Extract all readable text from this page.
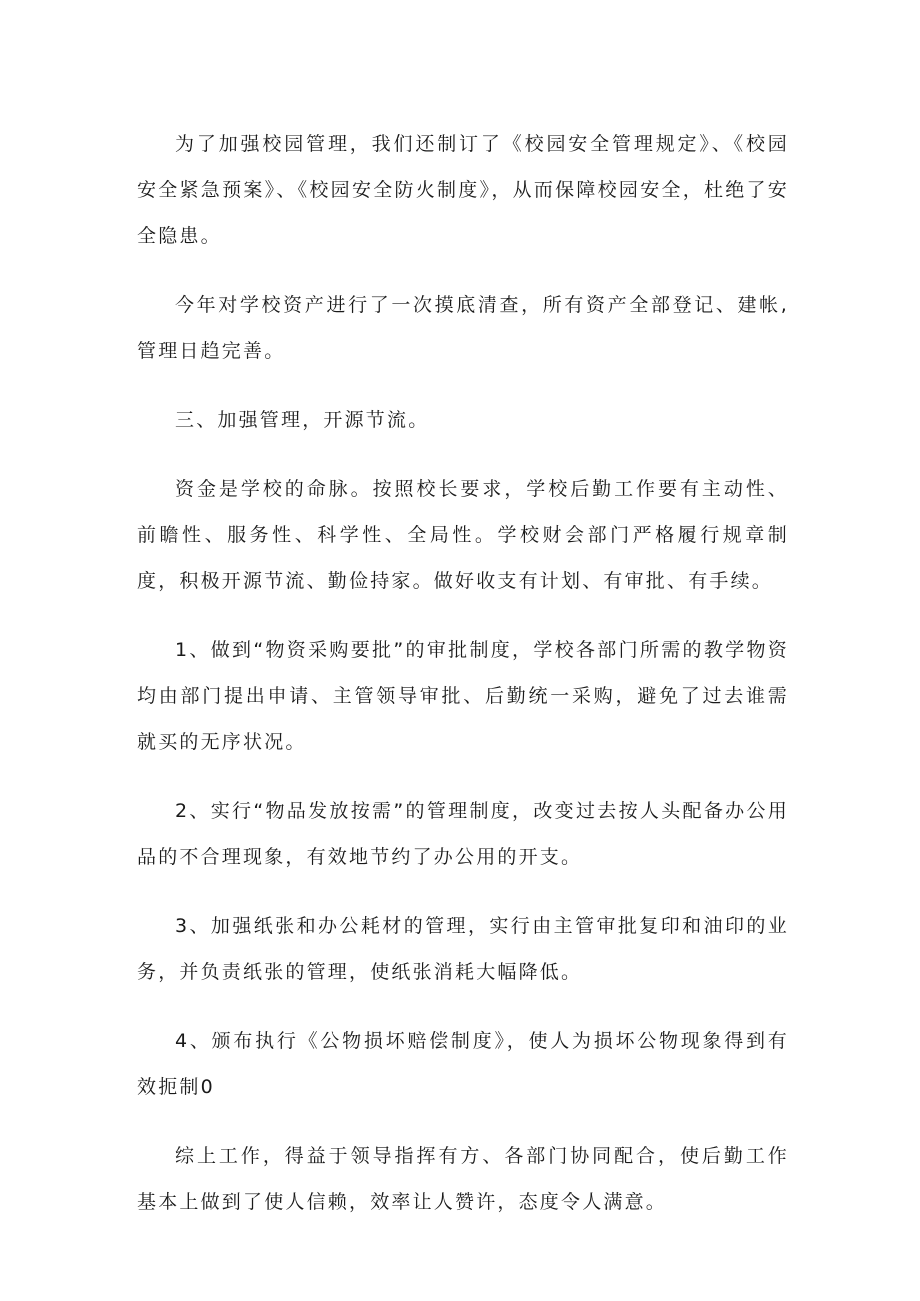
为了加强校园管理，我们还制订了《校园安全管理规定》、《校园安全紧急预案》、《校园安全防火制度》，从而保障校园安全，杜绝了安全隐患。

今年对学校资产进行了一次摸底清查，所有资产全部登记、建帐,管理日趋完善。

三、加强管理，开源节流。

资金是学校的命脉。按照校长要求，学校后勤工作要有主动性、前瞻性、服务性、科学性、全局性。学校财会部门严格履行规章制度，积极开源节流、勤俭持家。做好收支有计划、有审批、有手续。

1、做到“物资采购要批”的审批制度，学校各部门所需的教学物资均由部门提出申请、主管领导审批、后勤统一采购，避免了过去谁需就买的无序状况。

2、实行“物品发放按需”的管理制度，改变过去按人头配备办公用品的不合理现象，有效地节约了办公用的开支。

3、加强纸张和办公耗材的管理，实行由主管审批复印和油印的业务，并负责纸张的管理，使纸张消耗大幅降低。

4、颁布执行《公物损坏赔偿制度》，使人为损坏公物现象得到有效扼制0

综上工作，得益于领导指挥有方、各部门协同配合，使后勤工作基本上做到了使人信赖，效率让人赞许，态度令人满意。
